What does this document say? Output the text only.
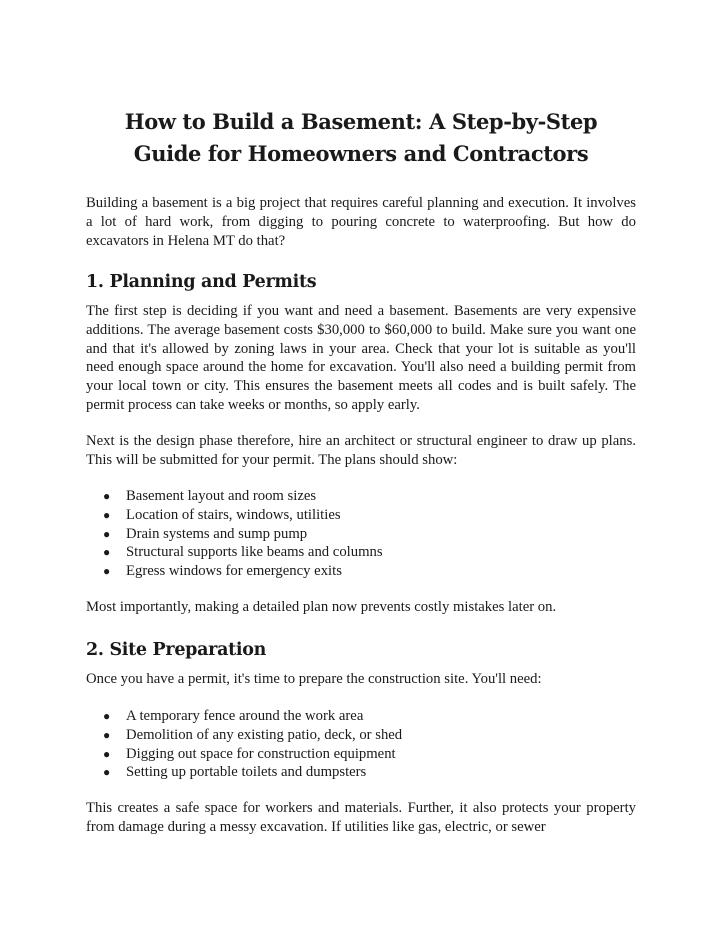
How to Build a Basement: A Step-by-Step
Guide for Homeowners and Contractors

Building a basement is a big project that requires careful planning and execution. It involves a lot of hard work, from digging to pouring concrete to waterproofing. But how do excavators in Helena MT do that?

1. Planning and Permits

The first step is deciding if you want and need a basement. Basements are very expensive additions. The average basement costs $30,000 to $60,000 to build. Make sure you want one and that it's allowed by zoning laws in your area. Check that your lot is suitable as you'll need enough space around the home for excavation. You'll also need a building permit from your local town or city. This ensures the basement meets all codes and is built safely. The permit process can take weeks or months, so apply early.

Next is the design phase therefore, hire an architect or structural engineer to draw up plans. This will be submitted for your permit. The plans should show:

● Basement layout and room sizes
● Location of stairs, windows, utilities
● Drain systems and sump pump
● Structural supports like beams and columns
● Egress windows for emergency exits

Most importantly, making a detailed plan now prevents costly mistakes later on.

2. Site Preparation

Once you have a permit, it's time to prepare the construction site. You'll need:

● A temporary fence around the work area
● Demolition of any existing patio, deck, or shed
● Digging out space for construction equipment
● Setting up portable toilets and dumpsters

This creates a safe space for workers and materials. Further, it also protects your property from damage during a messy excavation. If utilities like gas, electric, or sewer
